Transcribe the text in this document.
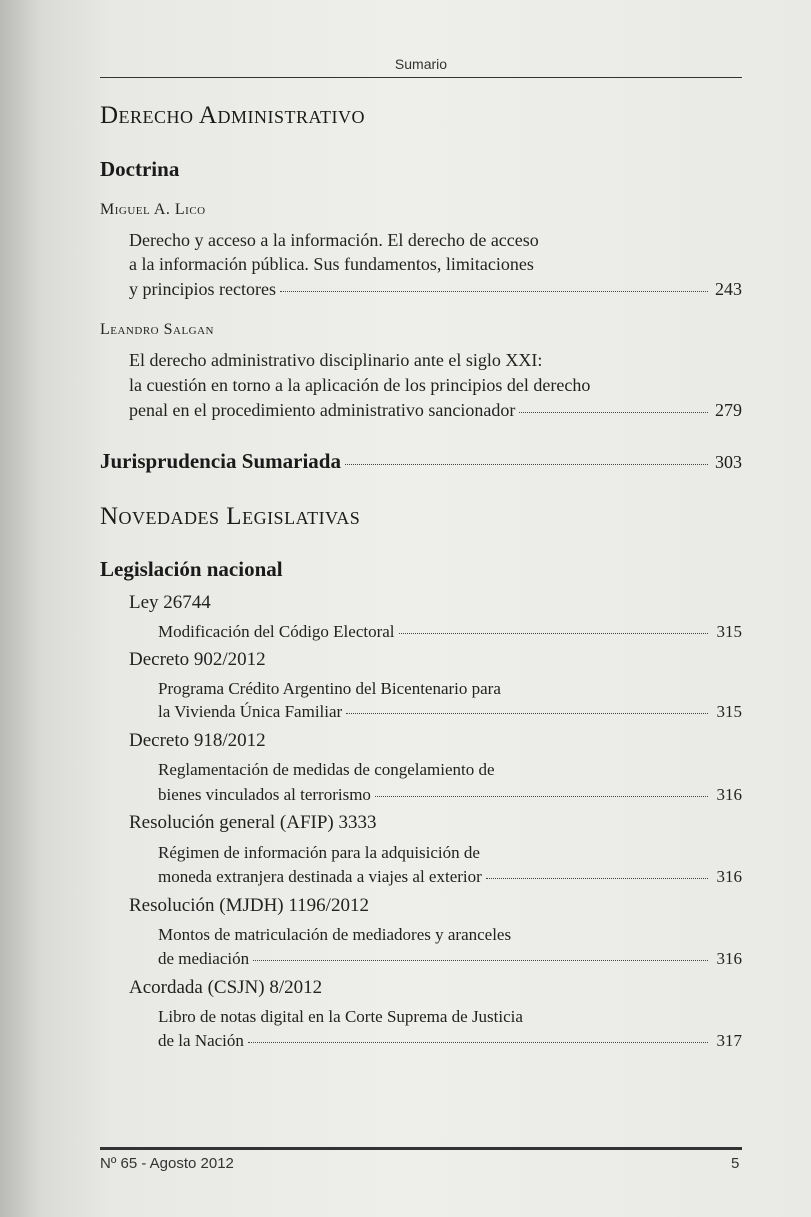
Sumario
Derecho Administrativo
Doctrina
Miguel A. Lico
Derecho y acceso a la información. El derecho de acceso
a la información pública. Sus fundamentos, limitaciones
y principios rectores	243
Leandro Salgan
El derecho administrativo disciplinario ante el siglo XXI:
la cuestión en torno a la aplicación de los principios del derecho
penal en el procedimiento administrativo sancionador	279
Jurisprudencia Sumariada	303
Novedades Legislativas
Legislación nacional
Ley 26744
Modificación del Código Electoral	315
Decreto 902/2012
Programa Crédito Argentino del Bicentenario para
la Vivienda Única Familiar	315
Decreto 918/2012
Reglamentación de medidas de congelamiento de
bienes vinculados al terrorismo	316
Resolución general (AFIP) 3333
Régimen de información para la adquisición de
moneda extranjera destinada a viajes al exterior	316
Resolución (MJDH) 1196/2012
Montos de matriculación de mediadores y aranceles
de mediación	316
Acordada (CSJN) 8/2012
Libro de notas digital en la Corte Suprema de Justicia
de la Nación	317
Nº 65 - Agosto 2012	5
